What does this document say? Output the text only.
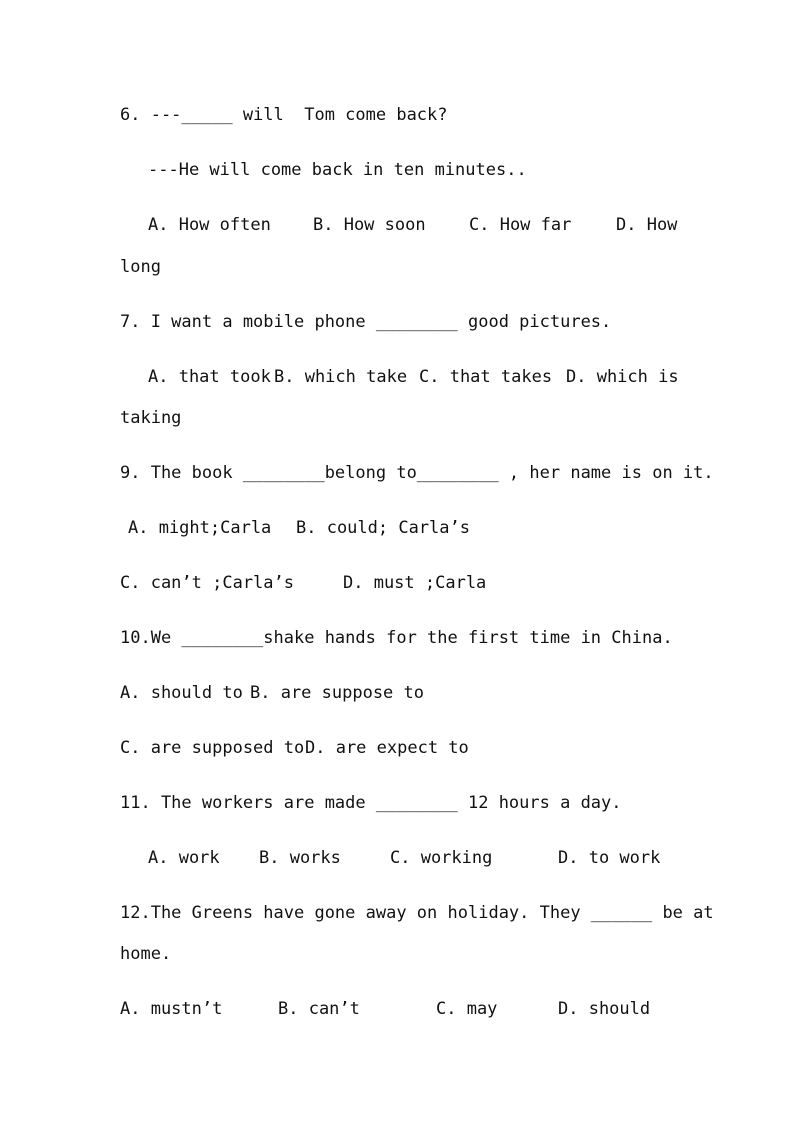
6. ---_____ will  Tom come back?
---He will come back in ten minutes..

A. How often

B. How soon

	C. How far

	D. How

long
7. I want a mobile phone ________ good pictures.

A. that took

B. which take

C. that takes

D. which is

taking
9. The book ________belong to________ , her name is on it.

A. might;Carla

B. could; Carla’s

C. can’t ;Carla’s

	D. must ;Carla

10.We ________shake hands for the first time in China.

A. should to

B. are suppose to

C. are supposed to

D. are expect to

11. The workers are made ________ 12 hours a day.

A. work

B. works

	C. working

	D. to work

12.The Greens have gone away on holiday. They ______ be at
home.

A. mustn’t

	B. can’t

	C. may

	D. should
